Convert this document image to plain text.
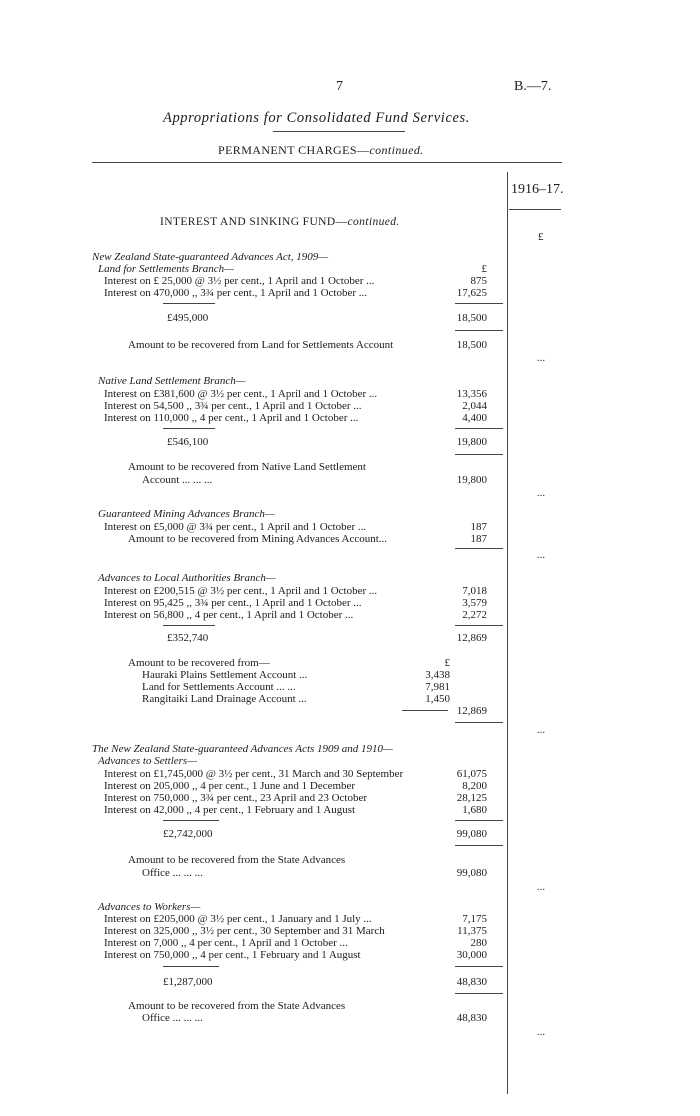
7	B.—7.
Appropriations for Consolidated Fund Services.
PERMANENT CHARGES—continued.
1916–17.
£
INTEREST AND SINKING FUND—continued.
New Zealand State-guaranteed Advances Act, 1909—
Land for Settlements Branch—	£
Interest on £ 25,000 @ 3½ per cent., 1 April and 1 October ...	875
Interest on 470,000 ,, 3¾ per cent., 1 April and 1 October ...	17,625
£495,000	18,500
Amount to be recovered from Land for Settlements Account	18,500
...
Native Land Settlement Branch—
Interest on £381,600 @ 3½ per cent., 1 April and 1 October ...	13,356
Interest on 54,500 ,, 3¾ per cent., 1 April and 1 October ...	2,044
Interest on 110,000 ,, 4 per cent., 1 April and 1 October ...	4,400
£546,100	19,800
Amount to be recovered from Native Land Settlement
Account ... ... ...	19,800
...
Guaranteed Mining Advances Branch—
Interest on £5,000 @ 3¾ per cent., 1 April and 1 October ...	187
Amount to be recovered from Mining Advances Account...	187
...
Advances to Local Authorities Branch—
Interest on £200,515 @ 3½ per cent., 1 April and 1 October ...	7,018
Interest on 95,425 ,, 3¾ per cent., 1 April and 1 October ...	3,579
Interest on 56,800 ,, 4 per cent., 1 April and 1 October ...	2,272
£352,740	12,869
Amount to be recovered from—	£
Hauraki Plains Settlement Account ...	3,438
Land for Settlements Account ... ...	7,981
Rangitaiki Land Drainage Account ...	1,450
12,869
...
The New Zealand State-guaranteed Advances Acts 1909 and 1910—
Advances to Settlers—
Interest on £1,745,000 @ 3½ per cent., 31 March and 30 September	61,075
Interest on 205,000 ,, 4 per cent., 1 June and 1 December	8,200
Interest on 750,000 ,, 3¾ per cent., 23 April and 23 October	28,125
Interest on 42,000 ,, 4 per cent., 1 February and 1 August	1,680
£2,742,000	99,080
Amount to be recovered from the State Advances
Office ... ... ...	99,080
...
Advances to Workers—
Interest on £205,000 @ 3½ per cent., 1 January and 1 July ...	7,175
Interest on 325,000 ,, 3½ per cent., 30 September and 31 March	11,375
Interest on 7,000 ,, 4 per cent., 1 April and 1 October ...	280
Interest on 750,000 ,, 4 per cent., 1 February and 1 August	30,000
£1,287,000	48,830
Amount to be recovered from the State Advances
Office ... ... ...	48,830
...
